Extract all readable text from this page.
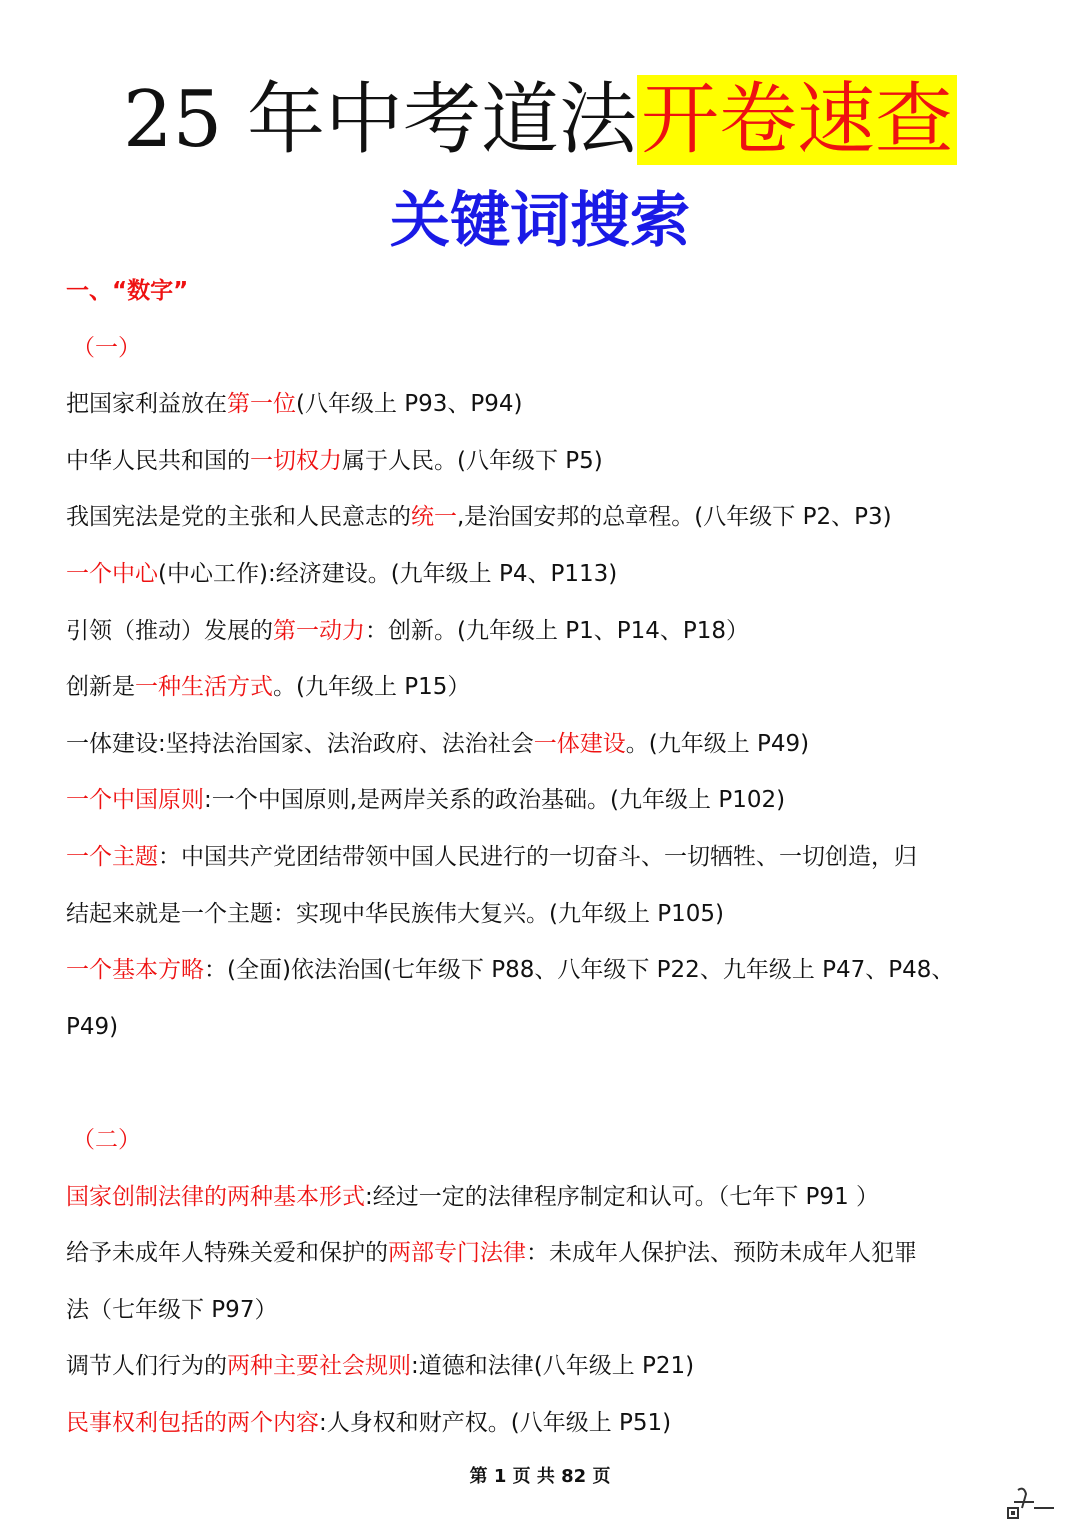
25 年中考道法开卷速查
关键词搜索
一、“数字”
（一）
把国家利益放在第一位(八年级上 P93、P94)
中华人民共和国的一切权力属于人民。(八年级下 P5)
我国宪法是党的主张和人民意志的统一,是治国安邦的总章程。(八年级下 P2、P3)
一个中心(中心工作):经济建设。(九年级上 P4、P113)
引领（推动）发展的第一动力：创新。(九年级上 P1、P14、P18）
创新是一种生活方式。(九年级上 P15）
一体建设:坚持法治国家、法治政府、法治社会一体建设。(九年级上 P49)
一个中国原则:一个中国原则,是两岸关系的政治基础。(九年级上 P102)
一个主题：中国共产党团结带领中国人民进行的一切奋斗、一切牺牲、一切创造，归
结起来就是一个主题：实现中华民族伟大复兴。(九年级上 P105)
一个基本方略：(全面)依法治国(七年级下 P88、八年级下 P22、九年级上 P47、P48、
P49)
（二）
国家创制法律的两种基本形式:经过一定的法律程序制定和认可。（七年下 P91 ）
给予未成年人特殊关爱和保护的两部专门法律：未成年人保护法、预防未成年人犯罪
法（七年级下 P97）
调节人们行为的两种主要社会规则:道德和法律(八年级上 P21)
民事权利包括的两个内容:人身权和财产权。(八年级上 P51)
第 1 页 共 82 页
